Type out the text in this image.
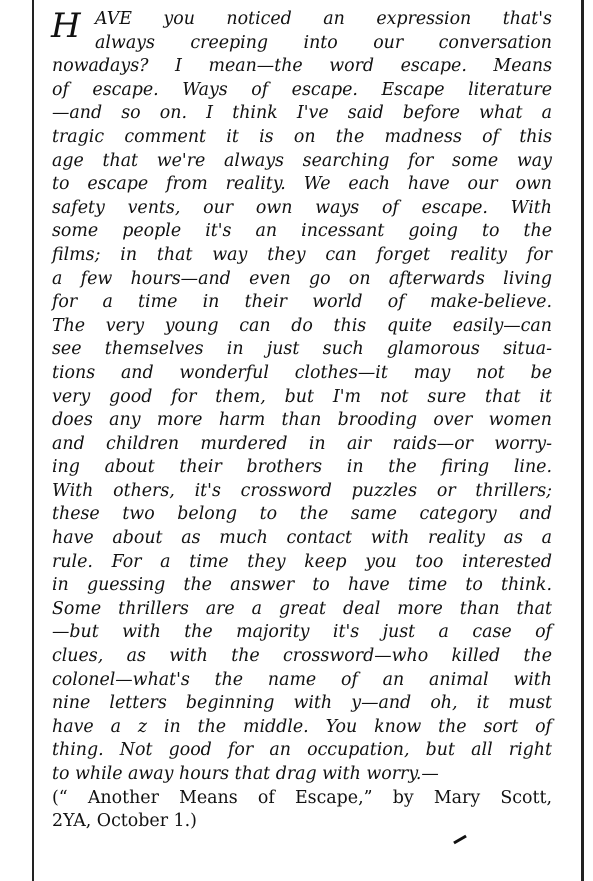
H AVE you noticed an expression that's
always creeping into our conversation
nowadays? I mean—the word escape. Means
of escape. Ways of escape. Escape literature
—and so on. I think I've said before what a
tragic comment it is on the madness of this
age that we're always searching for some way
to escape from reality. We each have our own
safety vents, our own ways of escape. With
some people it's an incessant going to the
films; in that way they can forget reality for
a few hours—and even go on afterwards living
for a time in their world of make-believe.
The very young can do this quite easily—can
see themselves in just such glamorous situa-
tions and wonderful clothes—it may not be
very good for them, but I'm not sure that it
does any more harm than brooding over women
and children murdered in air raids—or worry-
ing about their brothers in the firing line.
With others, it's crossword puzzles or thrillers;
these two belong to the same category and
have about as much contact with reality as a
rule. For a time they keep you too interested
in guessing the answer to have time to think.
Some thrillers are a great deal more than that
—but with the majority it's just a case of
clues, as with the crossword—who killed the
colonel—what's the name of an animal with
nine letters beginning with y—and oh, it must
have a z in the middle. You know the sort of
thing. Not good for an occupation, but all right
to while away hours that drag with worry.—
(“ Another Means of Escape,” by Mary Scott,
2YA, October 1.)
